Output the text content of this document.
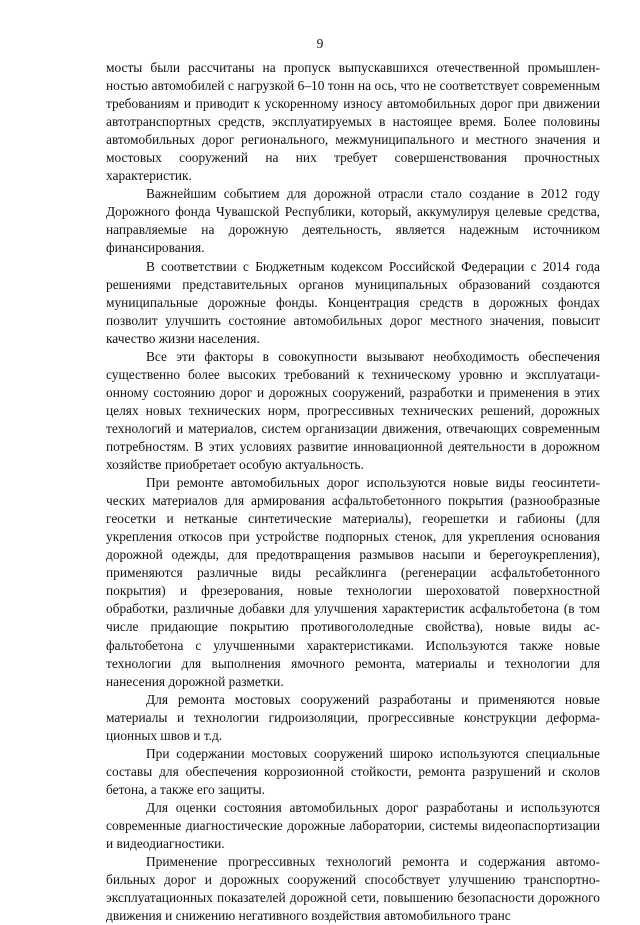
9

мосты были рассчитаны на пропуск выпускавшихся отечественной промышленностью автомобилей с нагрузкой 6–10 тонн на ось, что не соответствует современным требованиям и приводит к ускоренному износу автомобильных дорог при движении автотранспортных средств, эксплуатируемых в настоящее время. Более половины автомобильных дорог регионального, межмуниципального и местного значения и мостовых сооружений на них требует совершенствования прочностных характеристик.

Важнейшим событием для дорожной отрасли стало создание в 2012 году Дорожного фонда Чувашской Республики, который, аккумулируя целевые средства, направляемые на дорожную деятельность, является надежным источником финансирования.

В соответствии с Бюджетным кодексом Российской Федерации с 2014 года решениями представительных органов муниципальных образований создаются муниципальные дорожные фонды. Концентрация средств в дорожных фондах позволит улучшить состояние автомобильных дорог местного значения, повысит качество жизни населения.

Все эти факторы в совокупности вызывают необходимость обеспечения существенно более высоких требований к техническому уровню и эксплуатационному состоянию дорог и дорожных сооружений, разработки и применения в этих целях новых технических норм, прогрессивных технических решений, дорожных технологий и материалов, систем организации движения, отвечающих современным потребностям. В этих условиях развитие инновационной деятельности в дорожном хозяйстве приобретает особую актуальность.

При ремонте автомобильных дорог используются новые виды геосинтетических материалов для армирования асфальтобетонного покрытия (разнообразные геосетки и нетканые синтетические материалы), георешетки и габионы (для укрепления откосов при устройстве подпорных стенок, для укрепления основания дорожной одежды, для предотвращения размывов насыпи и берегоукрепления), применяются различные виды ресайклинга (регенерации асфальтобетонного покрытия) и фрезерования, новые технологии шероховатой поверхностной обработки, различные добавки для улучшения характеристик асфальтобетона (в том числе придающие покрытию противогололедные свойства), новые виды асфальтобетона с улучшенными характеристиками. Используются также новые технологии для выполнения ямочного ремонта, материалы и технологии для нанесения дорожной разметки.

Для ремонта мостовых сооружений разработаны и применяются новые материалы и технологии гидроизоляции, прогрессивные конструкции деформационных швов и т.д.

При содержании мостовых сооружений широко используются специальные составы для обеспечения коррозионной стойкости, ремонта разрушений и сколов бетона, а также его защиты.

Для оценки состояния автомобильных дорог разработаны и используются современные диагностические дорожные лаборатории, системы видеопаспортизации и видеодиагностики.

Применение прогрессивных технологий ремонта и содержания автомобильных дорог и дорожных сооружений способствует улучшению транспортно-эксплуатационных показателей дорожной сети, повышению безопасности дорожного движения и снижению негативного воздействия автомобильного транс
